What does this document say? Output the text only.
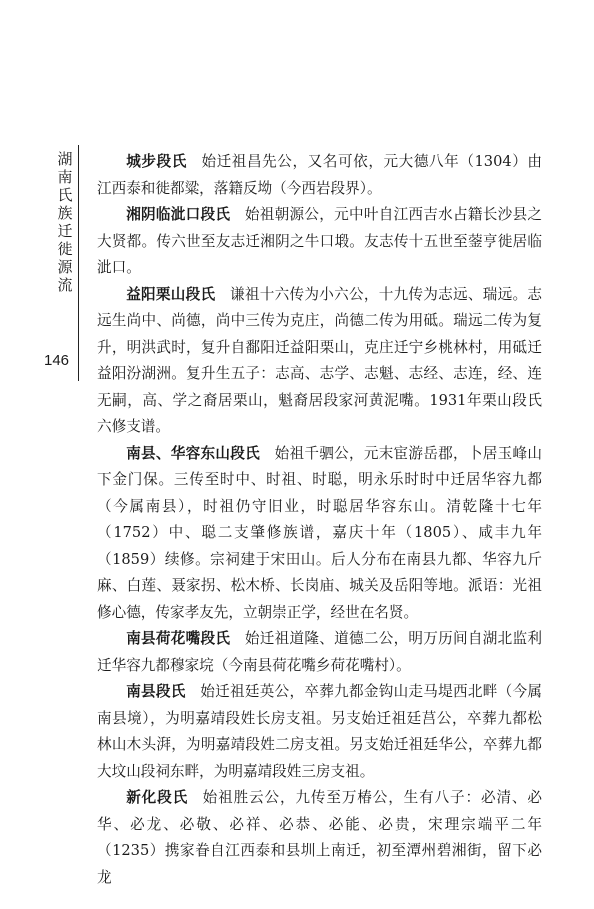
湖南氏族迁徙源流
146

城步段氏 始迁祖昌先公，又名可依，元大德八年（1304）由江西泰和徙都粱，落籍反坳（今西岩段界）。

湘阴临泚口段氏 始祖朝源公，元中叶自江西吉水占籍长沙县之大贤都。传六世至友志迁湘阴之牛口塅。友志传十五世至蓥亨徙居临泚口。

益阳栗山段氏 谦祖十六传为小六公，十九传为志远、瑞远。志远生尚中、尚德，尚中三传为克庄，尚德二传为用砥。瑞远二传为复升，明洪武时，复升自鄱阳迁益阳栗山，克庄迁宁乡桃林村，用砥迁益阳汾湖洲。复升生五子：志高、志学、志魁、志经、志连，经、连无嗣，高、学之裔居栗山，魁裔居段家河黄泥嘴。1931年栗山段氏六修支谱。

南县、华容东山段氏 始祖千驷公，元末宦游岳郡，卜居玉峰山下金门保。三传至时中、时祖、时聪，明永乐时时中迁居华容九都（今属南县），时祖仍守旧业，时聪居华容东山。清乾隆十七年（1752）中、聪二支肇修族谱，嘉庆十年（1805）、咸丰九年（1859）续修。宗祠建于宋田山。后人分布在南县九都、华容九斤麻、白莲、聂家拐、松木桥、长岗庙、城关及岳阳等地。派语：光祖修心德，传家孝友先，立朝崇正学，经世在名贤。

南县荷花嘴段氏 始迁祖道隆、道德二公，明万历间自湖北监利迁华容九都穆家垸（今南县荷花嘴乡荷花嘴村）。

南县段氏 始迁祖廷英公，卒葬九都金钩山走马堤西北畔（今属南县境），为明嘉靖段姓长房支祖。另支始迁祖廷莒公，卒葬九都松林山木头湃，为明嘉靖段姓二房支祖。另支始迁祖廷华公，卒葬九都大坟山段祠东畔，为明嘉靖段姓三房支祖。

新化段氏 始祖胜云公，九传至万椿公，生有八子：必清、必华、必龙、必敬、必祥、必恭、必能、必贵，宋理宗端平二年（1235）携家眷自江西泰和县圳上南迁，初至潭州碧湘街，留下必龙
